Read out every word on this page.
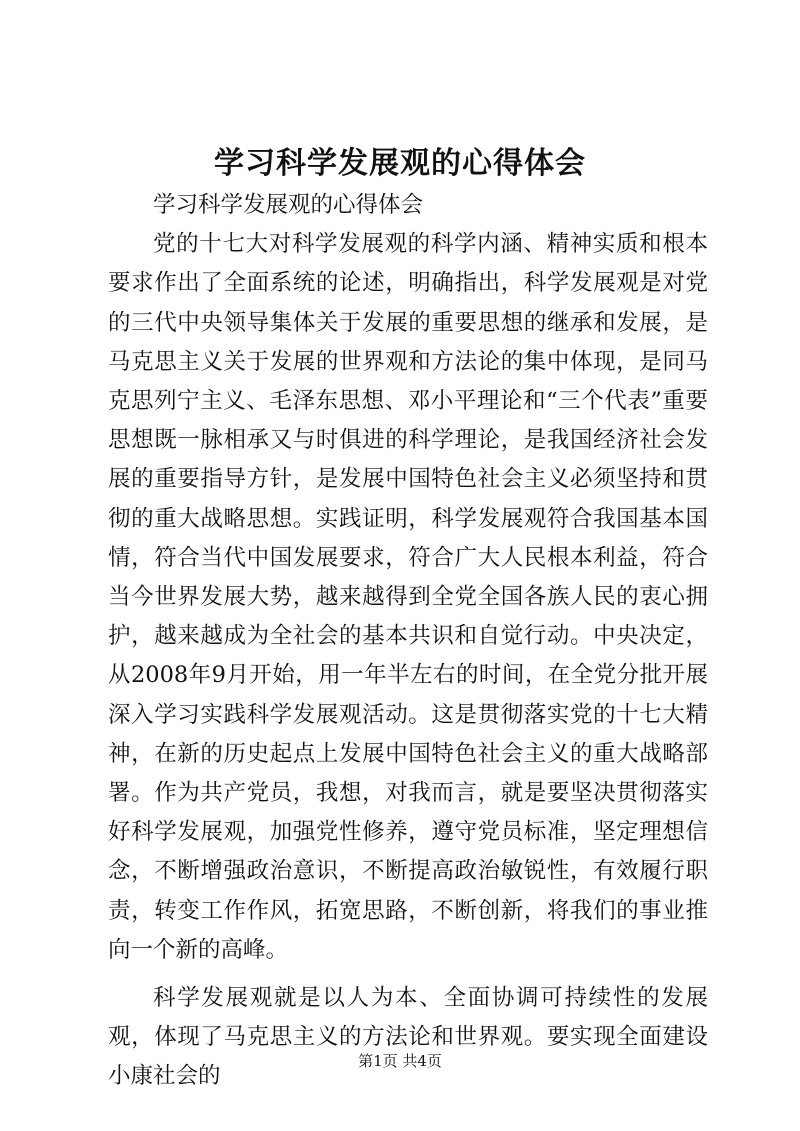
学习科学发展观的心得体会

学习科学发展观的心得体会

党的十七大对科学发展观的科学内涵、精神实质和根本要求作出了全面系统的论述，明确指出，科学发展观是对党的三代中央领导集体关于发展的重要思想的继承和发展，是马克思主义关于发展的世界观和方法论的集中体现，是同马克思列宁主义、毛泽东思想、邓小平理论和“三个代表”重要思想既一脉相承又与时俱进的科学理论，是我国经济社会发展的重要指导方针，是发展中国特色社会主义必须坚持和贯彻的重大战略思想。实践证明，科学发展观符合我国基本国情，符合当代中国发展要求，符合广大人民根本利益，符合当今世界发展大势，越来越得到全党全国各族人民的衷心拥护，越来越成为全社会的基本共识和自觉行动。中央决定，从2008年9月开始，用一年半左右的时间，在全党分批开展深入学习实践科学发展观活动。这是贯彻落实党的十七大精神，在新的历史起点上发展中国特色社会主义的重大战略部署。作为共产党员，我想，对我而言，就是要坚决贯彻落实好科学发展观，加强党性修养，遵守党员标准，坚定理想信念，不断增强政治意识，不断提高政治敏锐性，有效履行职责，转变工作作风，拓宽思路，不断创新，将我们的事业推向一个新的高峰。

科学发展观就是以人为本、全面协调可持续性的发展观，体现了马克思主义的方法论和世界观。要实现全面建设小康社会的

第1页 共4页
